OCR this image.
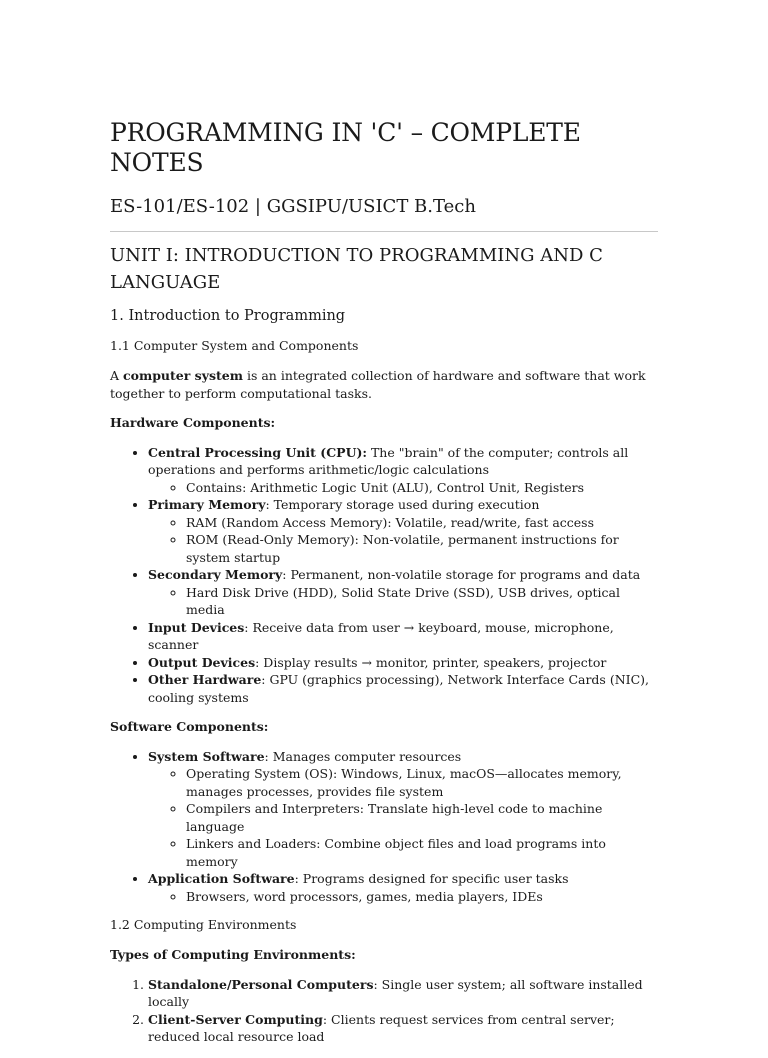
PROGRAMMING IN 'C' – COMPLETE NOTES
ES-101/ES-102 | GGSIPU/USICT B.Tech
UNIT I: INTRODUCTION TO PROGRAMMING AND C LANGUAGE
1. Introduction to Programming
1.1 Computer System and Components

A computer system is an integrated collection of hardware and software that work together to perform computational tasks.

Hardware Components:

• Central Processing Unit (CPU): The "brain" of the computer; controls all operations and performs arithmetic/logic calculations
◦ Contains: Arithmetic Logic Unit (ALU), Control Unit, Registers
• Primary Memory: Temporary storage used during execution
◦ RAM (Random Access Memory): Volatile, read/write, fast access
◦ ROM (Read-Only Memory): Non-volatile, permanent instructions for system startup
• Secondary Memory: Permanent, non-volatile storage for programs and data
◦ Hard Disk Drive (HDD), Solid State Drive (SSD), USB drives, optical media
• Input Devices: Receive data from user → keyboard, mouse, microphone, scanner
• Output Devices: Display results → monitor, printer, speakers, projector
• Other Hardware: GPU (graphics processing), Network Interface Cards (NIC), cooling systems

Software Components:

• System Software: Manages computer resources
◦ Operating System (OS): Windows, Linux, macOS—allocates memory, manages processes, provides file system
◦ Compilers and Interpreters: Translate high-level code to machine language
◦ Linkers and Loaders: Combine object files and load programs into memory
• Application Software: Programs designed for specific user tasks
◦ Browsers, word processors, games, media players, IDEs
1.2 Computing Environments

Types of Computing Environments:

1. Standalone/Personal Computers: Single user system; all software installed locally
2. Client-Server Computing: Clients request services from central server; reduced local resource load
